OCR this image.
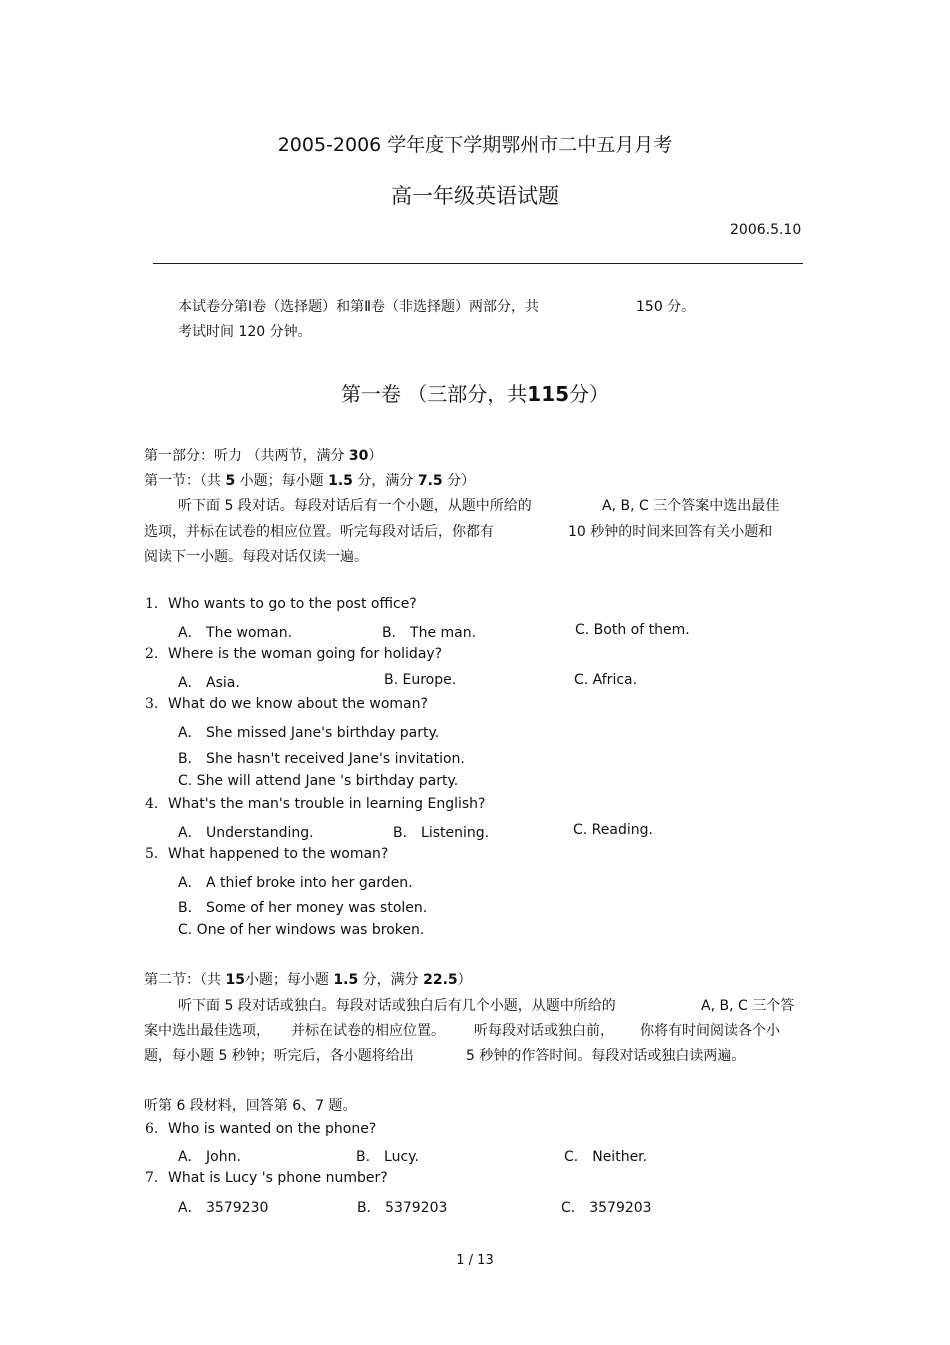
2005-2006 学年度下学期鄂州市二中五月月考
高一年级英语试题
2006.5.10
本试卷分第Ⅰ卷（选择题）和第Ⅱ卷（非选择题）两部分，共	150 分。
考试时间 120 分钟。
第一卷 （三部分，共115分）
第一部分：听力 （共两节，满分 30）
第一节：（共 5 小题；每小题 1.5 分，满分 7.5 分）
听下面 5 段对话。每段对话后有一个小题，从题中所给的	A, B, C 三个答案中选出最佳
选项，并标在试卷的相应位置。听完每段对话后，你都有	10 秒钟的时间来回答有关小题和
阅读下一小题。每段对话仅读一遍。
1. Who wants to go to the post office?
A． The woman.	B． The man.	C. Both of them.
2. Where is the woman going for holiday?
A． Asia.	B. Europe.	C. Africa.
3. What do we know about the woman?
A． She missed Jane's birthday party.
B． She hasn't received Jane's invitation.
C. She will attend Jane 's birthday party.
4. What's the man's trouble in learning English?
A． Understanding.	B． Listening.	C. Reading.
5. What happened to the woman?
A． A thief broke into her garden.
B． Some of her money was stolen.
C. One of her windows was broken.
第二节：（共 15小题；每小题 1.5 分，满分 22.5）
听下面 5 段对话或独白。每段对话或独白后有几个小题，从题中所给的	A, B, C 三个答
案中选出最佳选项， 并标在试卷的相应位置。 听每段对话或独白前， 你将有时间阅读各个小
题，每小题 5 秒钟；听完后，各小题将给出	5 秒钟的作答时间。每段对话或独白读两遍。
听第 6 段材料，回答第 6、7 题。
6. Who is wanted on the phone?
A． John.	B． Lucy.	C． Neither.
7. What is Lucy 's phone number?
A． 3579230	B． 5379203	C． 3579203
1 / 13
